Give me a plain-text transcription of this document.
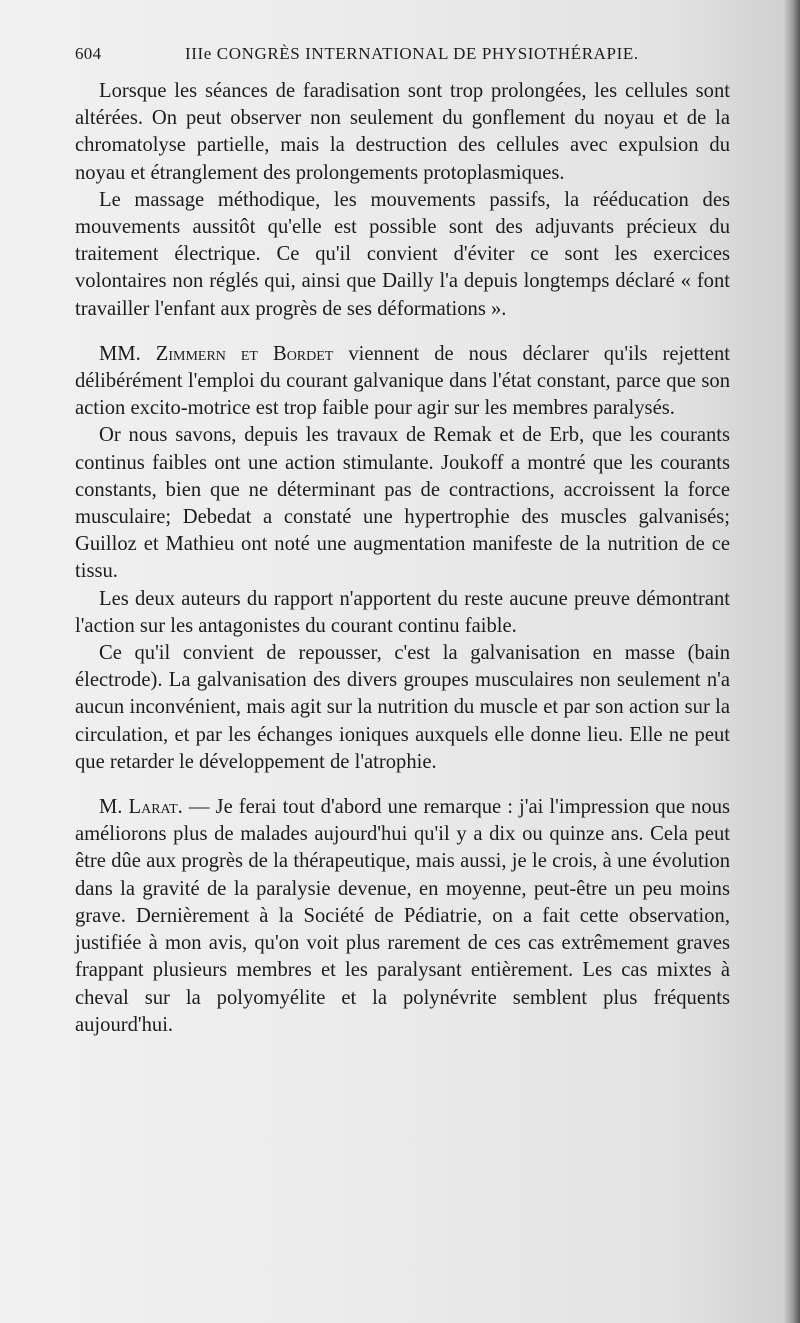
604	IIIe CONGRÈS INTERNATIONAL DE PHYSIOTHÉRAPIE.

Lorsque les séances de faradisation sont trop prolongées, les cellules sont altérées. On peut observer non seulement du gonflement du noyau et de la chromatolyse partielle, mais la destruction des cellules avec expulsion du noyau et étranglement des prolongements protoplasmiques.

Le massage méthodique, les mouvements passifs, la rééducation des mouvements aussitôt qu'elle est possible sont des adjuvants précieux du traitement électrique. Ce qu'il convient d'éviter ce sont les exercices volontaires non réglés qui, ainsi que Dailly l'a depuis longtemps déclaré « font travailler l'enfant aux progrès de ses déformations ».

MM. Zimmern et Bordet viennent de nous déclarer qu'ils rejettent délibérément l'emploi du courant galvanique dans l'état constant, parce que son action excito-motrice est trop faible pour agir sur les membres paralysés.

Or nous savons, depuis les travaux de Remak et de Erb, que les courants continus faibles ont une action stimulante. Joukoff a montré que les courants constants, bien que ne déterminant pas de contractions, accroissent la force musculaire; Debedat a constaté une hypertrophie des muscles galvanisés; Guilloz et Mathieu ont noté une augmentation manifeste de la nutrition de ce tissu.

Les deux auteurs du rapport n'apportent du reste aucune preuve démontrant l'action sur les antagonistes du courant continu faible.

Ce qu'il convient de repousser, c'est la galvanisation en masse (bain électrode). La galvanisation des divers groupes musculaires non seulement n'a aucun inconvénient, mais agit sur la nutrition du muscle et par son action sur la circulation, et par les échanges ioniques auxquels elle donne lieu. Elle ne peut que retarder le développement de l'atrophie.

M. Larat. — Je ferai tout d'abord une remarque : j'ai l'impression que nous améliorons plus de malades aujourd'hui qu'il y a dix ou quinze ans. Cela peut être dûe aux progrès de la thérapeutique, mais aussi, je le crois, à une évolution dans la gravité de la paralysie devenue, en moyenne, peut-être un peu moins grave. Dernièrement à la Société de Pédiatrie, on a fait cette observation, justifiée à mon avis, qu'on voit plus rarement de ces cas extrêmement graves frappant plusieurs membres et les paralysant entièrement. Les cas mixtes à cheval sur la polyomyélite et la polynévrite semblent plus fréquents aujourd'hui.
